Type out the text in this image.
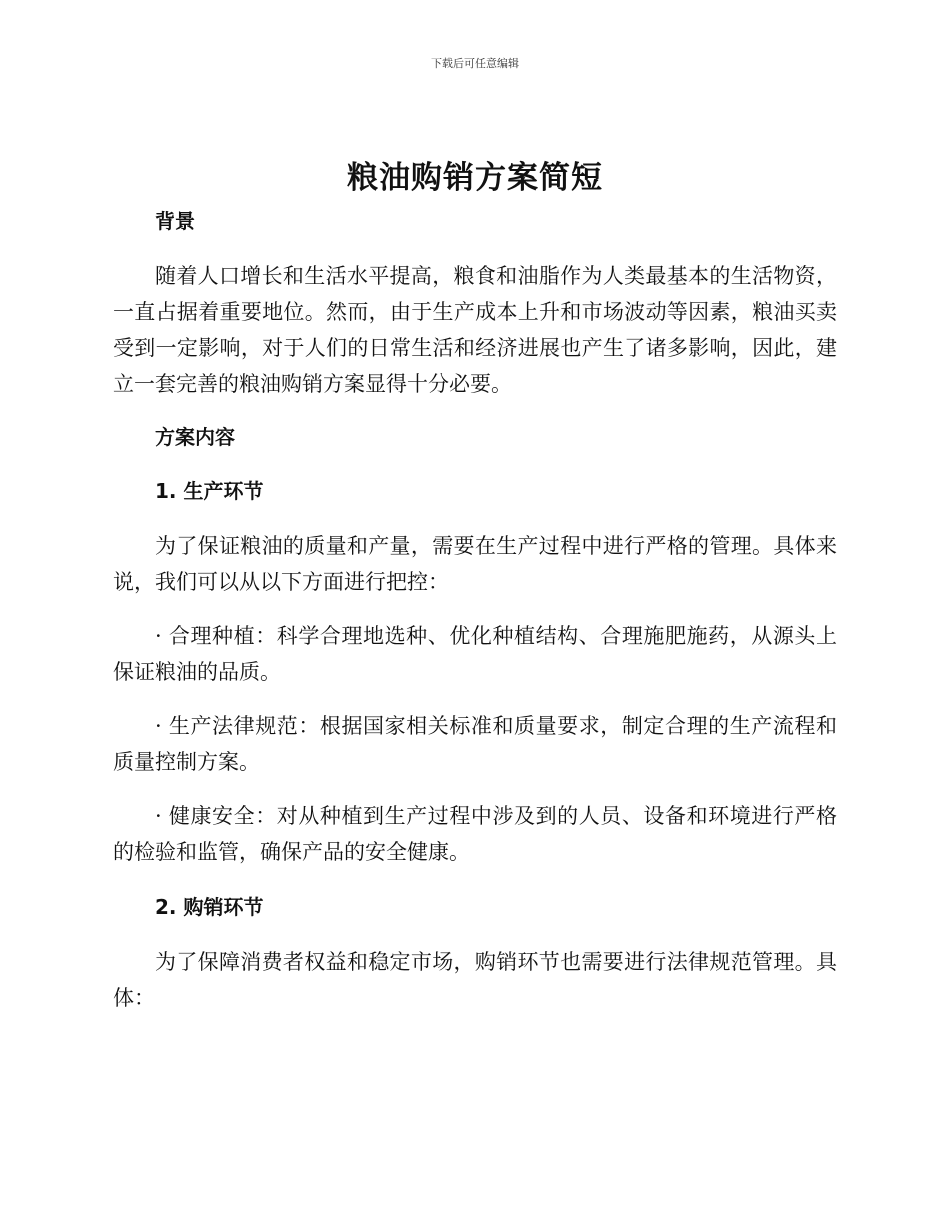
下载后可任意编辑
粮油购销方案简短

背景

随着人口增长和生活水平提高，粮食和油脂作为人类最基本的生活物资，一直占据着重要地位。然而，由于生产成本上升和市场波动等因素，粮油买卖受到一定影响，对于人们的日常生活和经济进展也产生了诸多影响，因此，建立一套完善的粮油购销方案显得十分必要。

方案内容

1. 生产环节

为了保证粮油的质量和产量，需要在生产过程中进行严格的管理。具体来说，我们可以从以下方面进行把控：

· 合理种植：科学合理地选种、优化种植结构、合理施肥施药，从源头上保证粮油的品质。

· 生产法律规范：根据国家相关标准和质量要求，制定合理的生产流程和质量控制方案。

· 健康安全：对从种植到生产过程中涉及到的人员、设备和环境进行严格的检验和监管，确保产品的安全健康。

2. 购销环节

为了保障消费者权益和稳定市场，购销环节也需要进行法律规范管理。具体：
